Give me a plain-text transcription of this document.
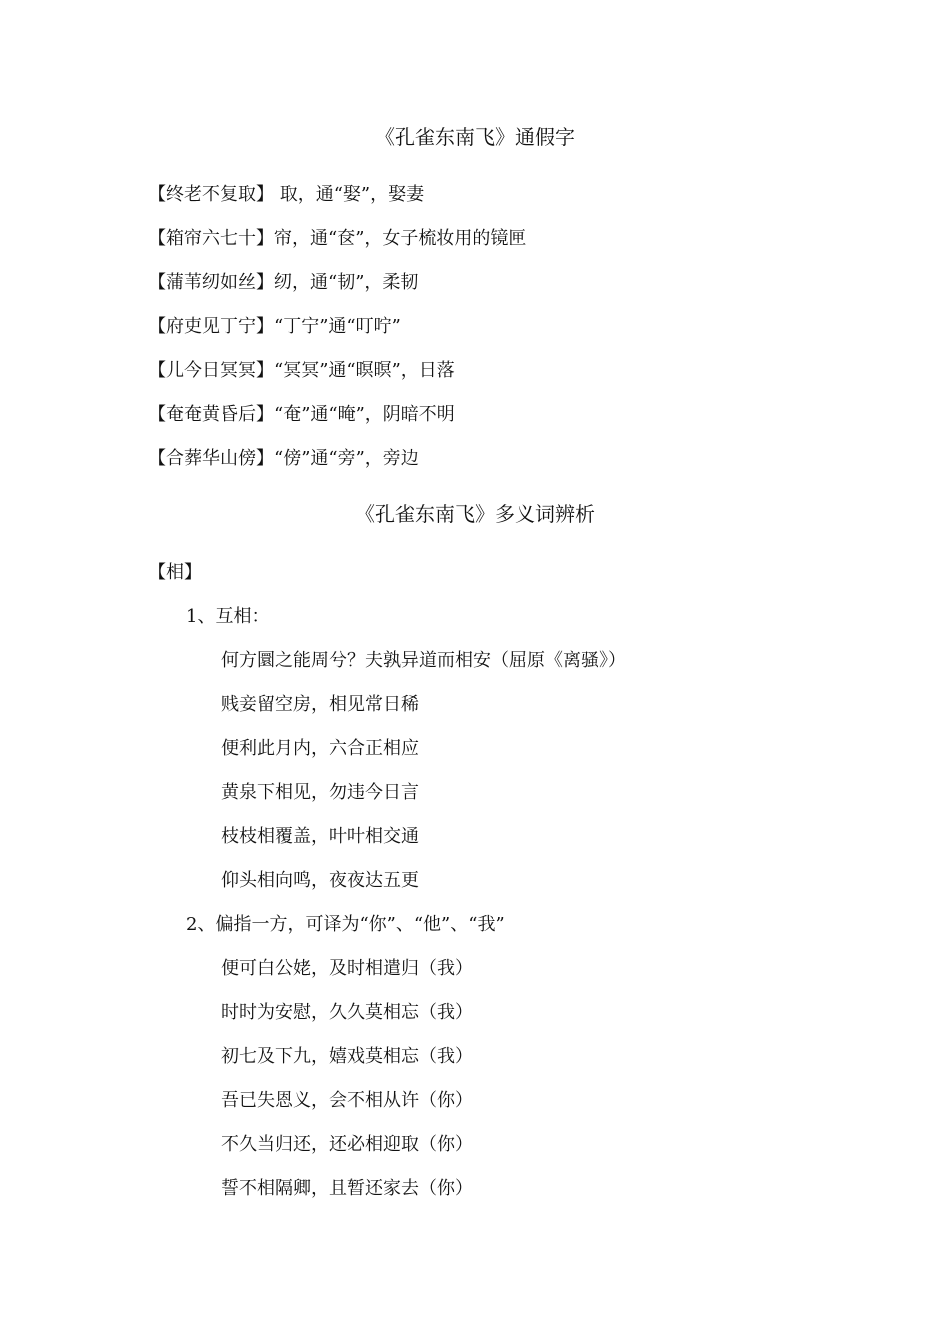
《孔雀东南飞》通假字
【终老不复取】 取，通“娶”，娶妻
【箱帘六七十】帘，通“奁”，女子梳妆用的镜匣
【蒲苇纫如丝】纫，通“韧”，柔韧
【府吏见丁宁】“丁宁”通“叮咛”
【儿今日冥冥】“冥冥”通“暝暝”，日落
【奄奄黄昏后】“奄”通“晻”，阴暗不明
【合葬华山傍】“傍”通“旁”，旁边
《孔雀东南飞》多义词辨析
【相】
1、互相：
何方圜之能周兮？夫孰异道而相安（屈原《离骚》）
贱妾留空房，相见常日稀
便利此月内，六合正相应
黄泉下相见，勿违今日言
枝枝相覆盖，叶叶相交通
仰头相向鸣，夜夜达五更
2、偏指一方，可译为“你”、“他”、“我”
便可白公姥，及时相遣归（我）
时时为安慰，久久莫相忘（我）
初七及下九，嬉戏莫相忘（我）
吾已失恩义，会不相从许（你）
不久当归还，还必相迎取（你）
誓不相隔卿，且暂还家去（你）
